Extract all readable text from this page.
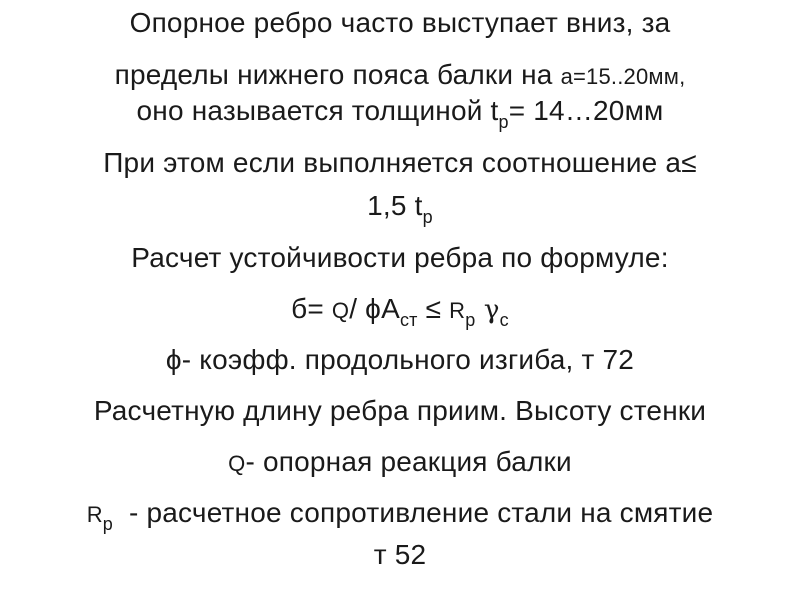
Опорное ребро часто выступает вниз, за
пределы нижнего пояса балки на а=15..20мм,
оно называется толщиной $t_p=$ 14…20мм
При этом если выполняется соотношение а≤
1,5 $t_p$
Расчет устойчивости ребра по формуле:
б= Q/ $\phi А_{ст} \le R_p$ $\gamma_c$
ϕ- коэфф. продольного изгиба, т 72
Расчетную длину ребра приим. Высоту стенки
Q- опорная реакция балки
$R_p$  - расчетное сопротивление стали на смятие
т 52
